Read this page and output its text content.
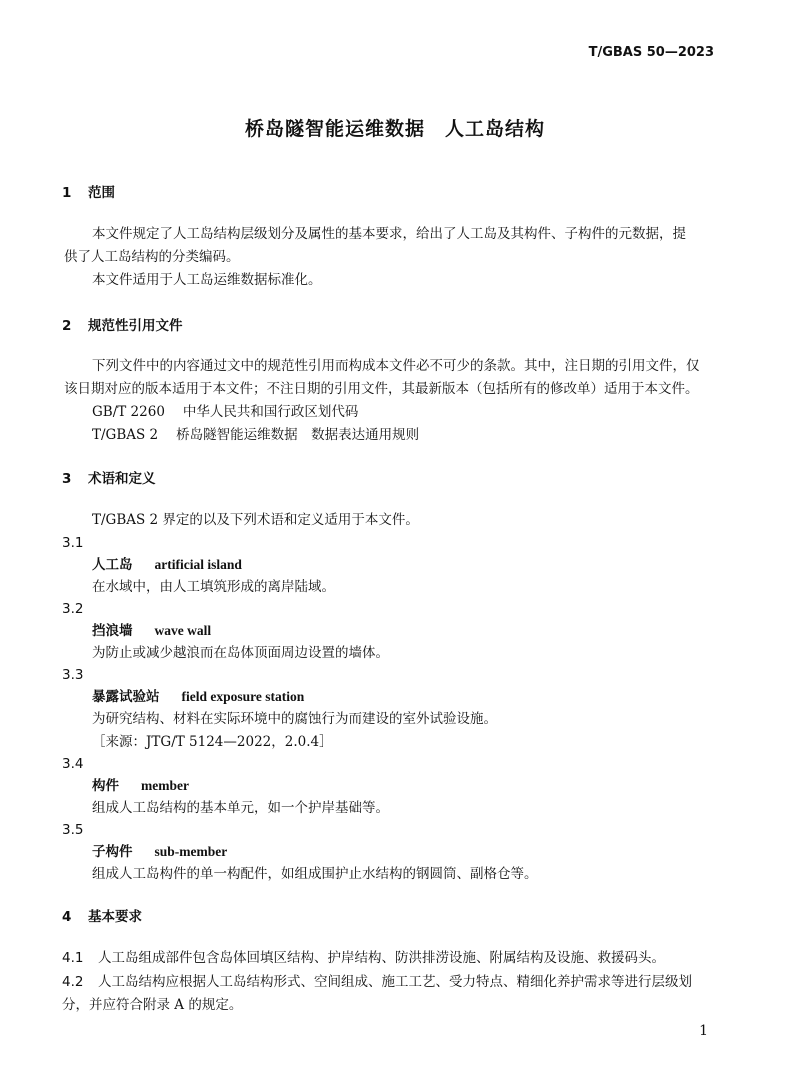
T/GBAS 50—2023
桥岛隧智能运维数据　人工岛结构
1 范围
本文件规定了人工岛结构层级划分及属性的基本要求，给出了人工岛及其构件、子构件的元数据，提
供了人工岛结构的分类编码。
本文件适用于人工岛运维数据标准化。
2 规范性引用文件
下列文件中的内容通过文中的规范性引用而构成本文件必不可少的条款。其中，注日期的引用文件，仅
该日期对应的版本适用于本文件；不注日期的引用文件，其最新版本（包括所有的修改单）适用于本文件。
GB/T 2260 中华人民共和国行政区划代码
T/GBAS 2 桥岛隧智能运维数据　数据表达通用规则
3 术语和定义
T/GBAS 2 界定的以及下列术语和定义适用于本文件。
3.1
人工岛 artificial island
在水域中，由人工填筑形成的离岸陆域。
3.2
挡浪墙 wave wall
为防止或减少越浪而在岛体顶面周边设置的墙体。
3.3
暴露试验站 field exposure station
为研究结构、材料在实际环境中的腐蚀行为而建设的室外试验设施。
［来源：JTG/T 5124—2022，2.0.4］
3.4
构件 member
组成人工岛结构的基本单元，如一个护岸基础等。
3.5
子构件 sub-member
组成人工岛构件的单一构配件，如组成围护止水结构的钢圆筒、副格仓等。
4 基本要求
4.1 人工岛组成部件包含岛体回填区结构、护岸结构、防洪排涝设施、附属结构及设施、救援码头。
4.2 人工岛结构应根据人工岛结构形式、空间组成、施工工艺、受力特点、精细化养护需求等进行层级划
分，并应符合附录 A 的规定。
1
